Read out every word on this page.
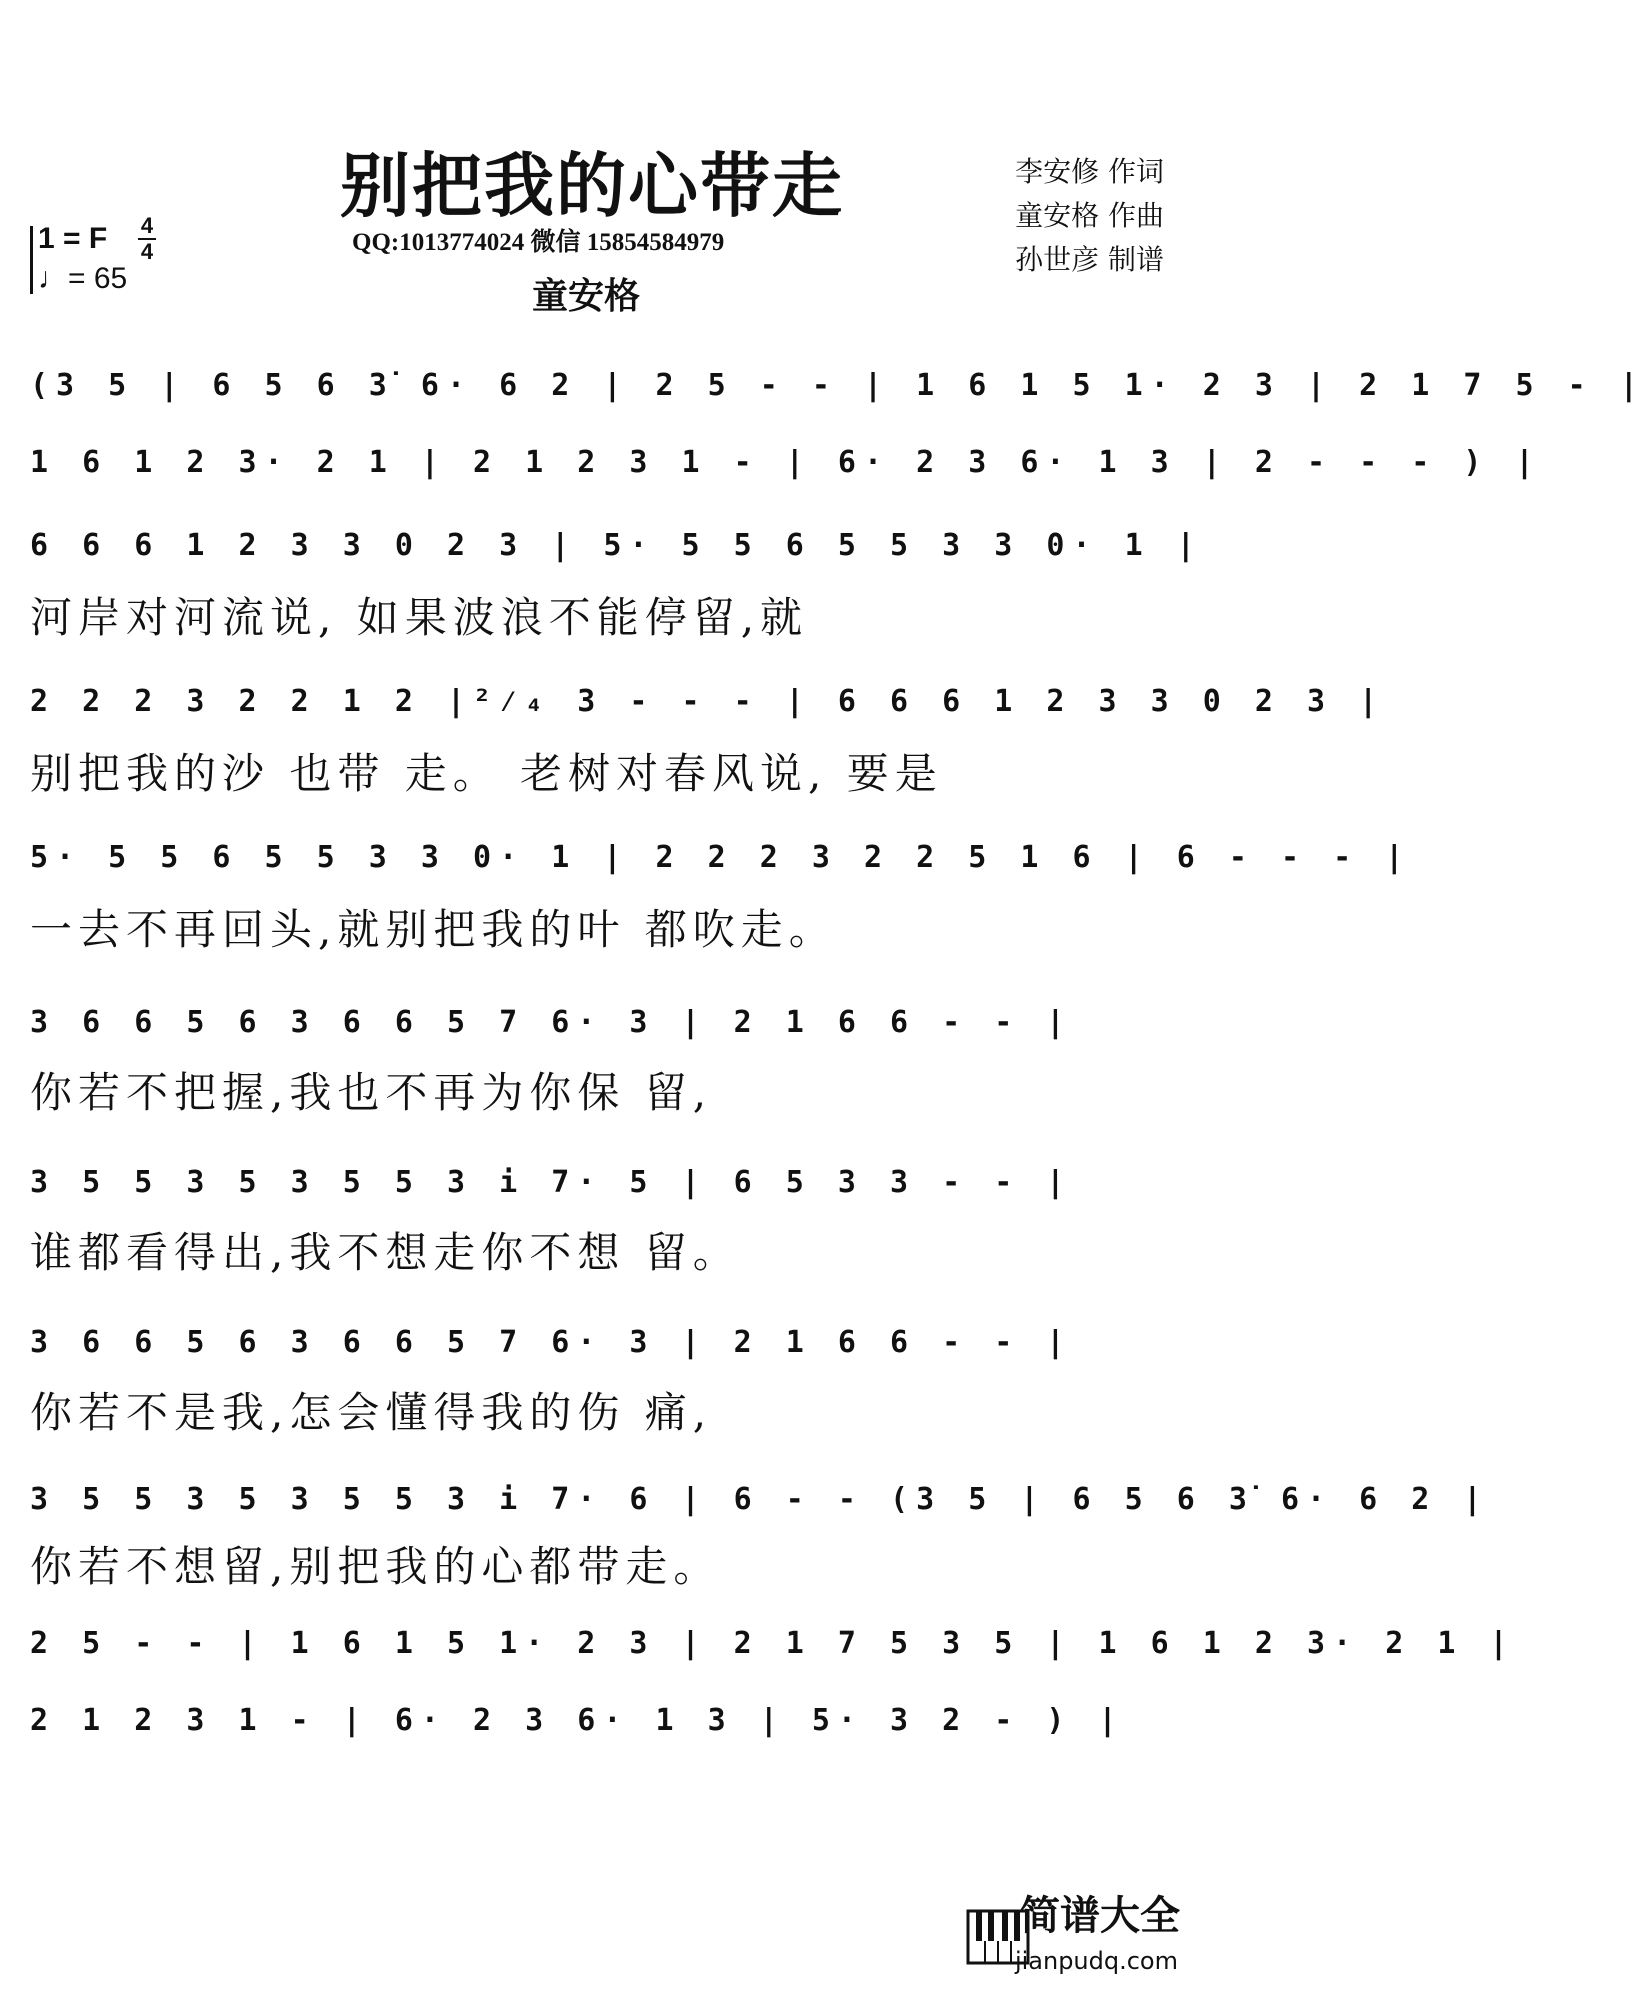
别把我的心带走
QQ:1013774024 微信 15854584979
童安格
李安修 作词
童安格 作曲
孙世彦 制谱
1 = F
♩= 65
4
4
(3 5 | 6 5 6 3̇ 6· 6 2 | 2 5 - - | 1 6 1 5 1· 2 3 | 2 1 7 5 - |
1 6 1 2 3· 2 1 | 2 1 2 3 1 - | 6· 2 3 6· 1 3 | 2 - - - ) |
6 6 6 1 2 3 3 0 2 3 | 5· 5 5 6 5 5 3 3 0· 1 |
河岸对河流说, 如果波浪不能停留,就
2 2 2 3 2 2 1 2 |²⁄₄ 3 - - - | 6 6 6 1 2 3 3 0 2 3 |
别把我的沙 也带 走。 老树对春风说, 要是
5· 5 5 6 5 5 3 3 0· 1 | 2 2 2 3 2 2 5 1 6 | 6 - - - |
一去不再回头,就别把我的叶 都吹走。
3 6 6 5 6 3 6 6 5 7 6· 3 | 2 1 6 6 - - |
你若不把握,我也不再为你保 留,
3 5 5 3 5 3 5 5 3 i 7· 5 | 6 5 3 3 - - |
谁都看得出,我不想走你不想 留。
3 6 6 5 6 3 6 6 5 7 6· 3 | 2 1 6 6 - - |
你若不是我,怎会懂得我的伤 痛,
3 5 5 3 5 3 5 5 3 i 7· 6 | 6 - - (3 5 | 6 5 6 3̇ 6· 6 2 |
你若不想留,别把我的心都带走。
2 5 - - | 1 6 1 5 1· 2 3 | 2 1 7 5 3 5 | 1 6 1 2 3· 2 1 |
2 1 2 3 1 - | 6· 2 3 6· 1 3 | 5· 3 2 - ) |
简谱大全
jianpudq.com
